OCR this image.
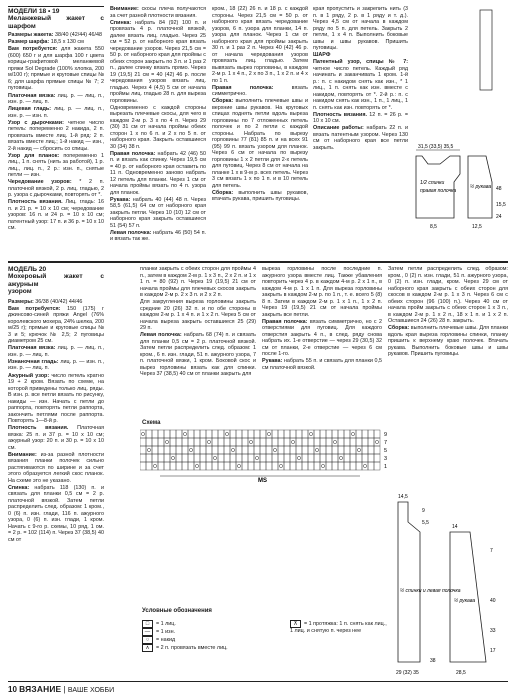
МОДЕЛИ 18 • 19
Меланжевый жакет с шарфом

Размеры жакета: 38/40 (42/44) 46/48

Размер шарфа: 18,5 x 130 см

Вам потребуется: для жакета 550 (600) 650 г и для шарфа 100 г цвета корицы-графитовой меланжевой пряжи Sol Degrade (100% хлопка, 200 м/100 г); прямые и круговые спицы № 6; для шарфа прямые спицы № 7; 2 пуговицы.

Платочная вязка: лиц. р. — лиц. п., изн. р. — лиц. п.

Лицевая гладь: лиц. р. — лиц. п., изн. р. — изн. п.

Узор с дырочками: четное число петель: попеременно 2 накида, 2 п. провязать вместе лиц. 1-й ряд: 2 п. вязать вместе лиц.; 1-й накид — изн., 2-й накид — сбросить со спицы.

Узор для планок: попеременно 1 лиц., 1 п. снять (нить за работой), 1 р. лиц., лиц. п., 2 р.: изн. п., снятые петли — изн.

Чередование узоров: * 2 п. платочной вязкой, 2 р. лиц. гладью, 2 р. узора с дырочками, повторять от *.

Плотность вязания. Лиц. гладь: 16 п. и 21 р. = 10 x 10 см; чередование узоров: 16 п. и 24 р. = 10 x 10 см; патентный узор: 17 п. и 36 р. = 10 x 10 см.

Внимание: скосы плеча получаются за счет разной плотности вязания.

Спинка: набрать 84 (92) 100 п. и провязать 4 р. платочной вязкой, далее вязать лиц. гладью. Через 25 см = 52 р. от наборного края вязать чередование узоров. Через 21,5 см = 50 р. от наборного края для проймы с обеих сторон закрыть по 3 п. и 1 раз 2 п., далее спинку вязать прямо. Через 19 (19,5) 21 см = 40 (42) 46 р. после чередования узоров вязать лиц. гладью. Через 4 (4,5) 5 см от начала проймы лиц. гладью 28 п. для выреза горловины.

Одновременно с каждой стороны вырезать плечевые скосы, для чего в каждом 2-м р. 3 x по 4 п. Через 29 (30) 31 см от начала проймы обеих сторон 1 x по 6 п. и 2 x по 5 п. от наборного края. Закрыть оставшиеся 30 (34) 38 п.

Правая полочка: набрать 42 (46) 50 п. и вязать как спинку. Через 19,5 см = 40 р. от наборного края оставить по 11 п. Одновременно заново набрать 12 петель для планки. Через 1 см от начала проймы вязать по 4 п. узора для планок.

Рукава: набрать 40 (44) 48 п. Через 58,5 (61,5) 64 см от наборного края закрыть петли. Через 10 (10) 12 см от наборного края закрыть оставшиеся 51 (54) 57 п.

Левая полочка: набрать 46 (50) 54 п. и вязать так же.

кром., 18 (22) 26 п. и 18 р. с каждой стороны. Через 21,5 см = 50 р. от наборного края вязать чередование узоров, 6 п. узора для планки, 14 п. узора для планок. Через 1 см от наборного края для проймы закрыть 30 п. и 1 раз 2 п. Через 40 (42) 46 р. от начала чередования узоров провязать лиц. гладью. Затем вывязать вырез горловины, в каждом 2-м р. 1 x 4 п., 2 x по 3 п., 1 x 2 п. и 4 x по 1 п.

Правая полочка: вязать симметрично.

Сборка: выполнить плечевые швы и верхние швы рукавов. На круговых спицах поднять петли вдоль выреза горловины по 7 отложенных петель полочек и по 2 петли с каждой стороны. Набрать по вырезу горловины 77 (81) 85 п. и на всех 91 (95) 99 п. вязать узором для планок. Через 6 см от начала по вырезу горловины 1 x 2 петли для 2-х петель для пуговиц. Через 8 см от начала на планке 1 x в 9-м р. всех петель. Через 3 см вязать 1 x по 1 п. и в 10 петель для петель.

Сборка: выполнить швы рукавов, втачать рукава, пришить пуговицы.

края пропустить и закрепить нить (3 п. в 1 ряду, 2 р. в 1 ряду и т. д.). Через 4,5 см от начала в каждом ряду по 5 п. для петель. Закрыть 2 петли, 1 x 4 п. Выполнить боковые швы и швы рукавов. Пришить пуговицы.

ШАРФ

Патентный узор, спицы № 7: четное число петель. Каждый ряд начинать и заканчивать 1 кром. 1-й р.: п. с накидом снять как изн., * 1 лиц., 1 п. снять как изн. вместе с накидом, повторять от *. 2-й р.: п. с накидом снять как изн., 1 п., 1 лиц., 1 п. снять как изн. повторять от *.

Плотность вязания. 12 п. = 26 р. = 10 x 10 см.

Описание работы: набрать 22 п. и вязать патентным узором. Через 130 см от наборного края все петли закрыть.	31,5 (33,5) 35,5
8,5	12,5
48
15,5
24
1/2 спинки
правая полочка
½ рукава
МОДЕЛЬ 20
Мохеровый жакет с ажурным
узором

Размеры: 36/38 (40/42) 44/46

Вам потребуется: 150 (175) г джинсово-синей пряжи Angel (76% королевского мохера, 24% шелка, 200 м/25 г); прямые и круговые спицы № 3 и 5; крючок № 2,5; 2 пуговицы диаметром 25 см.

Платочная вязка: лиц. р. — лиц. п., изн. р. — лиц. п.

Изнаночная гладь: лиц. р. — изн. п., изн. р. — лиц. п.

Ажурный узор: число петель кратно 19 + 2 кром. Вязать по схеме, на которой приведены только лиц. ряды. В изн. р. все петли вязать по рисунку, накиды — изн. Начать с петли до раппорта, повторять петли раппорта, закончить петлями после раппорта. Повторять 1—8-й р.

Плотность вязания. Платочная вязка: 25 п. и 37 р. = 10 x 10 см; ажурный узор: 20 п. и 30 р. = 10 x 10 см.

Внимание: из-за разной плотности вязания планки полочек сильно растягиваются по ширине и за счет этого образуется легкий скос планок. На схеме это не указано.

Спинка: набрать 118 (130) п. и связать для планки 0,5 см = 2 р. платочной вязкой. Затем петли распределить след. образом: 1 кром., 0 (6) п. изн. глади, 116 п. ажурного узора, 0 (6) п. изн. глади, 1 кром. Начать с 9-го р. схемы, 10 ряд. 1 ом. = 2 р. = 102 (114) п. Через 37 (38,5) 40 см от

планки закрыть с обеих сторон для проймы 4 п., затем в каждом 2-м р. 1 x 3 п., 2 x 2 п. и 1 x 1 п. = 80 (92) п. Через 19 (19,5) 21 см от начала проймы для плечевых скосов закрыть в каждом 2-м р. 2 x 3 п. и 2 x 2 п.

Для закругления выреза горловины закрыть средние 20 (26) 32 п. и по обе стороны в каждом 2-м р. 1 x 4 п. и 1 x 2 п. Через 5 см от начала выреза закрыть оставшиеся 25 (29) 29 п.

Левая полочка: набрать 68 (74) п. и связать для планки 0,5 см = 2 р. платочной вязкой. Затем петли распределить след. образом: 1 кром., 6 п. изн. глади, 51 п. ажурного узора, 7 п. платочной вязки, 1 кром. Боковой скос и вырез горловины вязать как для спинки. Через 37 (38,5) 40 см от планки закрыть для

выреза горловины после последние п. ажурного узора вместе лиц. Также убавления повторить через 4 р. в каждом 4-м р. 2 x 1 п., в каждом 4-м р. 1 x 1 п. Для выреза горловины закрыть в каждом 2-м р. по 1 п., т. е. всего 5 (8) 8 п. Затем в каждом 2-м р. 1 x 1 п., 1 x 2 п. Через 19 (19,5) 21 см от начала проймы закрыть все петли.

Правая полочка: вязать симметрично, но с 2 отверстиями для пуговиц. Для каждого отверстия закрыть 4 п., в след. ряду снова набрать их. 1-е отверстие — через 29 (30,5) 32 см от планки, 2-е отверстие — через 6 см после 1-го.

Рукава: набрать 55 п. и связать для планки 0,5 см платочной вязкой.

Затем петли распределить след. образом: кром., 0 (2) п. изн. глади, 51 п. ажурного узора, 0 (2) п. изн. глади, кром. Через 29 см от наборного края закрыть с обеих сторон для скосов в каждом 2-м р. 1 x 3 п. Через 6 см с обеих сторон (96 (100) п.). Через 40 см от начала пройм закрыть с обеих сторон 1 x 3 п., в каждом 2-м р. 1 x 2 п., 18 x 1 п. и 1 x 2 п. Оставшиеся 24 (26) 28 п. закрыть.

Сборка: выполнить плечевые швы. Для планки вдоль края выреза горловины спинки, планку пришить к верхнему краю полочек. Втачать рукава. Выполнить боковые швы и швы рукавов. Пришить пуговицы.

Схема
9
7
5
3
1
MS
Условные обозначения
□ = 1 лиц.
— = 1 изн.
○ = накид
∧ = 2 п. провязать вместе лиц.
⊼ = 1 протяжка: 1 п. снять как лиц., 1 лиц. и снятую п. через нее
14,5
9
5,5
14
½ спинки и левая полочка
½ рукава
29 (32) 35	28,5
7
40
33
17
38
10 ВЯЗАНИЕ | ВАШЕ ХОББИ
